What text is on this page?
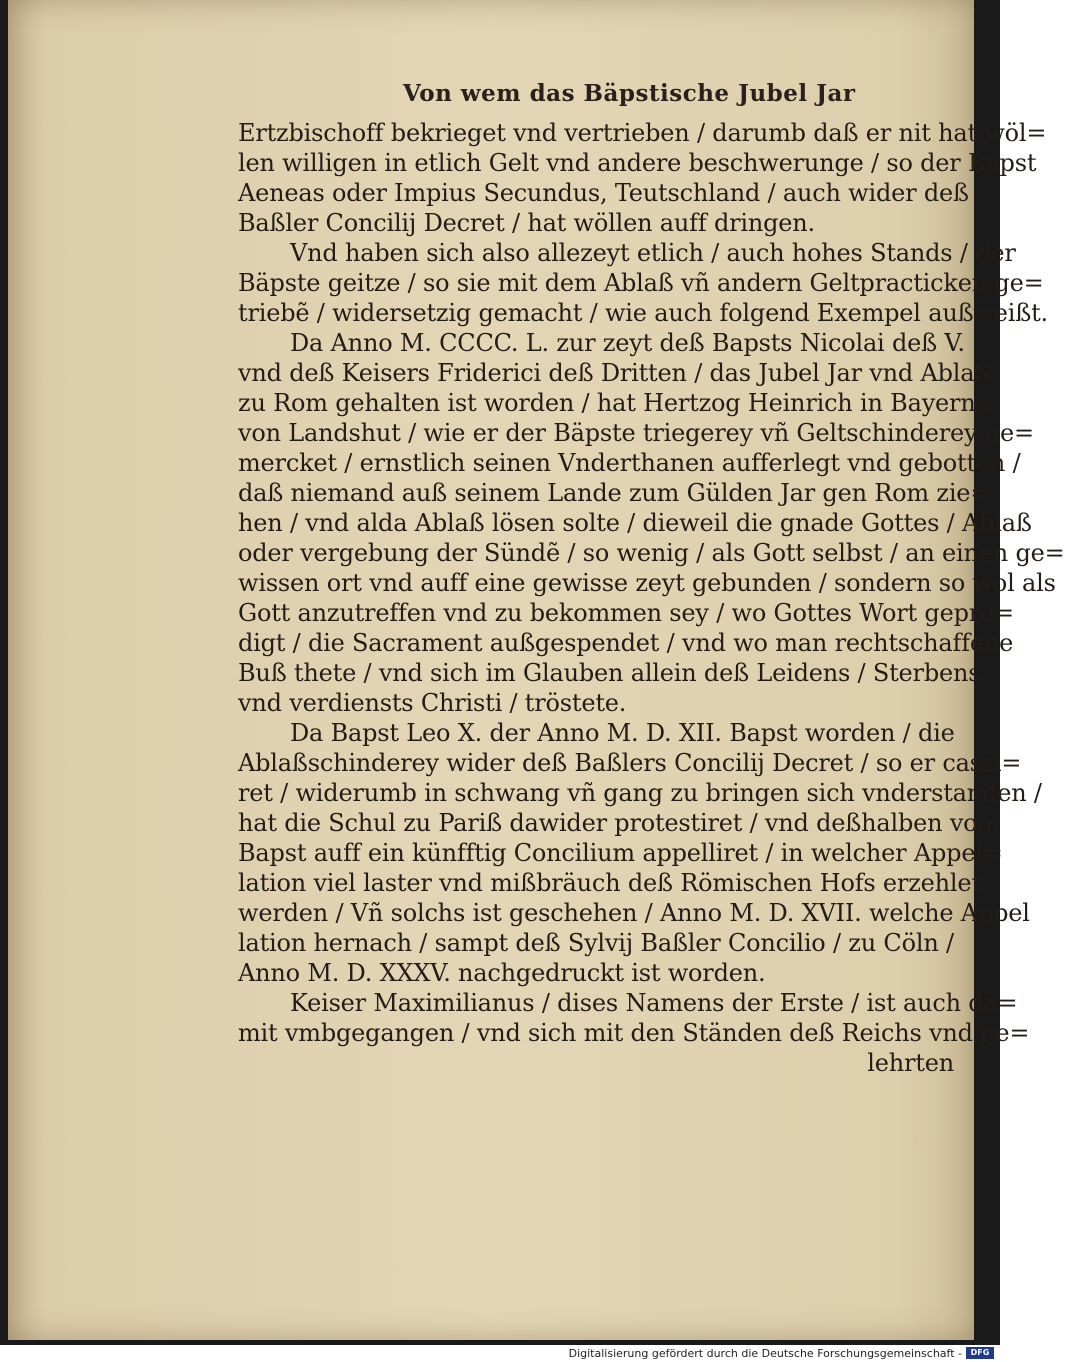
Von wem das Bäpstische Jubel Jar
Ertzbischoff bekrieget vnd vertrieben / darumb daß er nit hat wöl=
len willigen in etlich Gelt vnd andere beschwerunge / so der Bapst
Aeneas oder Impius Secundus, Teutschland / auch wider deß
Baßler Concilij Decret / hat wöllen auff dringen.
Vnd haben sich also allezeyt etlich / auch hohes Stands / der
Bäpste geitze / so sie mit dem Ablaß vñ andern Geltpracticken ge=
triebẽ / widersetzig gemacht / wie auch folgend Exempel außweißt.
Da Anno M. CCCC. L. zur zeyt deß Bapsts Nicolai deß V.
vnd deß Keisers Friderici deß Dritten / das Jubel Jar vnd Ablaß
zu Rom gehalten ist worden / hat Hertzog Heinrich in Bayern /
von Landshut / wie er der Bäpste triegerey vñ Geltschinderey ge=
mercket / ernstlich seinen Vnderthanen aufferlegt vnd gebotten /
daß niemand auß seinem Lande zum Gülden Jar gen Rom zie=
hen / vnd alda Ablaß lösen solte / dieweil die gnade Gottes / Ablaß
oder vergebung der Sündẽ / so wenig / als Gott selbst / an einen ge=
wissen ort vnd auff eine gewisse zeyt gebunden / sondern so wol als
Gott anzutreffen vnd zu bekommen sey / wo Gottes Wort gepre=
digt / die Sacrament außgespendet / vnd wo man rechtschaffene
Buß thete / vnd sich im Glauben allein deß Leidens / Sterbens
vnd verdiensts Christi / tröstete.
Da Bapst Leo X. der Anno M. D. XII. Bapst worden / die
Ablaßschinderey wider deß Baßlers Concilij Decret / so er cassi=
ret / widerumb in schwang vñ gang zu bringen sich vnderstanden /
hat die Schul zu Pariß dawider protestiret / vnd deßhalben vom
Bapst auff ein künfftig Concilium appelliret / in welcher Appel=
lation viel laster vnd mißbräuch deß Römischen Hofs erzehlet
werden / Vñ solchs ist geschehen / Anno M. D. XVII. welche Appel
lation hernach / sampt deß Sylvij Baßler Concilio / zu Cöln /
Anno M. D. XXXV. nachgedruckt ist worden.
Keiser Maximilianus / dises Namens der Erste / ist auch da=
mit vmbgegangen / vnd sich mit den Ständen deß Reichs vnd ge=
lehrten
Digitalisierung gefördert durch die Deutsche Forschungsgemeinschaft -	DFG
